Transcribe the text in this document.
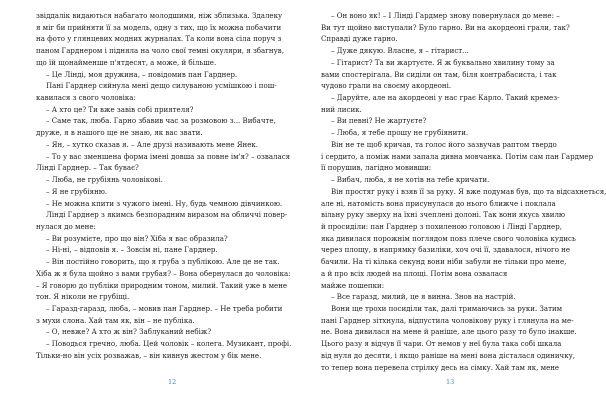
звіддалік видаються набагато молодшими, ніж зблизька. Здалеку
я міг би прийняти її за модель, одну з тих, що їх можна побачити
на фото у глянцевих модних журналах. Та коли вона сіла поруч з
паном Гарднером і підняла на чоло свої темні окуляри, я збагнув,
що їй щонайменше п'ятдесят, а може, й більше.
– Це Лінді, моя дружина, – повідомив пан Гарднер.
Пані Гарднер сяйнула мені дещо силуваною усмішкою і пош-
кавилася з свого чоловіка:
– А хто це? Ти вже завів собі приятеля?
– Саме так, люба. Гарно збавив час за розмовою з... Вибачте,
друже, я в нашого ще не знаю, як вас звати.
– Ян, – хутко сказав я. – Але друзі називають мене Янек.
– То у вас зменшена форма імені довша за повне ім'я? – озвалася
Лінді Гарднер. – Так буває?
– Люба, не грубіянь чоловікові.
– Я не грубіяню.
– Не можна кпити з чужого імені. Ну, будь чемною дівчинкою.
Лінді Гарднер з якимсь безпорадним виразом на обличчі повер-
нулася до мене:
– Ви розумієте, про що він? Хіба я вас образила?
– Ні-ні, – відповів я. – Зовсім ні, пане Гарднер.
– Він постійно говорить, що я груба з публікою. Але це не так.
Хіба ж я була щойно з вами грубая? – Вона обернулася до чоловіка:
– Я говорю до публіки природним тоном, милий. Такий уже в мене
тон. Я ніколи не грубіщі.
– Гаразд-гаразд, люба, – мовив пан Гарднер. – Не треба робити
з мухи слона. Хай там як, він – не публіка.
– О, невже? А хто ж він? Заблуканий небіж?
– Поводься гречно, люба. Цей чоловік – колега. Музикант, профі.
Тільки-но він усіх розважав, – він кивнув жестом у бік мене.
– Он воно як! – І Лінді Гардмер знову повернулася до мене: –
Ви тут щойно виступали? Було гарно. Ви на акордеоні грали, так?
Справді дуже гарно.
– Дуже дякую. Власне, я – гітарист...
– Гітарист? Та ви жартуєте. Я ж буквально хвилину тому за
вами спостерігала. Ви сиділи он там, біля контрабасиста, і так
чудово грали на своєму акордеоні.
– Даруйте, але на акордеоні у нас грає Карло. Такий кремез-
ний лисик.
– Ви певні? Не жартуєте?
– Люба, я тебе прошу не грубіянити.
Він не те щоб кричав, та голос його зазвучав раптом твердо
і сердито, а поміж нами запала дивна мовчанка. Потім сам пан Гардмер
її порушив, лагідно мовивши:
– Вибач, люба, я не хотів на тебе кричати.
Він простяг руку і взяв її за руку. Я вже подумав був, що та відсахнеться,
але ні, натомість вона присунулася до нього ближче і поклала
вільну руку зверху на їхні зчеплені долоні. Так вони якусь хвилю
й просиділи: пан Гарднер з похиленою головою і Лінді Гарднер,
яка дивилася порожнім поглядом повз плече свого чоловіка кудись
через площу, в напрямку базиліки, хоч очі її, здавалося, нічого не
бачили. На ті кілька секунд вони ніби забули не тільки про мене,
а й про всіх людей на площі. Потім вона озвалася
майже пошепки:
– Все гаразд, милий, це я винна. Знов на настрій.
Вони ще трохи посиділи так, далі тримаючись за руки. Затим
пані Гарднер зітхнула, відпустила чоловікову руку і глянула на ме-
не. Вона дивилася на мене й раніше, але цього разу то було інакше.
Цього разу я відчув її чари. От немов у неї була така собі шкала
від нуля до десяти, і якщо раніше на мені вона дісталася одиничку,
то тепер вона перевела стрілку десь на сімку. Хай там як, мене
12	13
